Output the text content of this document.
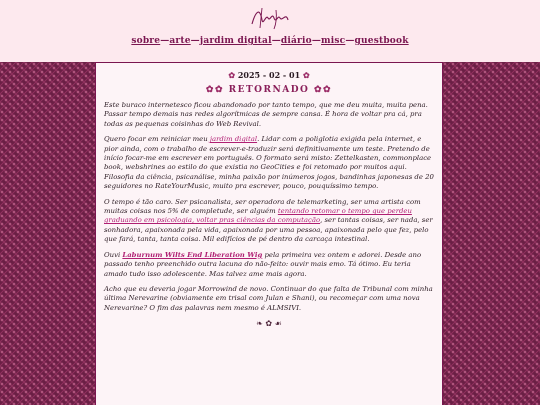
sobre—arte—jardim digital—diário—misc—guestbook
✿ 2025 - 02 - 01 ✿
✿✿ RETORNADO ✿✿

Este buraco internetesco ficou abandonado por tanto tempo, que me deu muita, muita pena. Passar tempo demais nas redes algorítmicas de sempre cansa. É hora de voltar pra cá, pra todas as pequenas coisinhas do Web Revival.

Quero focar em reiniciar meu jardim digital. Lidar com a poliglotia exigida pela internet, e pior ainda, com o trabalho de escrever-e-traduzir será definitivamente um teste. Pretendo de início focar-me em escrever em português. O formato será misto: Zettelkasten, commonplace book, webshrines ao estilo do que existia no GeoCities e foi retomado por muitos aqui. Filosofia da ciência, psicanálise, minha paixão por inúmeros jogos, bandinhas japonesas de 20 seguidores no RateYourMusic, muito pra escrever, pouco, pouquíssimo tempo.

O tempo é tão caro. Ser psicanalista, ser operadora de telemarketing, ser uma artista com muitas coisas nos 5% de completude, ser alguém tentando retomar o tempo que perdeu graduando em psicologia, voltar pras ciências da computação, ser tantas coisas, ser nada, ser sonhadora, apaixonada pela vida, apaixonada por uma pessoa, apaixonada pelo que fez, pelo que fará, tanta, tanta coisa. Mil edifícios de pé dentro da carcaça intestinal.

Ouvi Laburnum Wilts End Liberation Wig pela primeira vez ontem e adorei. Desde ano passado tenho preenchido outra lacuna do não-feito: ouvir mais emo. Tá ótimo. Eu teria amado tudo isso adolescente. Mas talvez ame mais agora.

Acho que eu deveria jogar Morrowind de novo. Continuar do que falta de Tribunal com minha última Nerevarine (obviamente em trisal com Julan e Shani), ou recomeçar com uma nova Nerevarine? O fim das palavras nem mesmo é ALMSIVI.

❧ ✿ ☙
